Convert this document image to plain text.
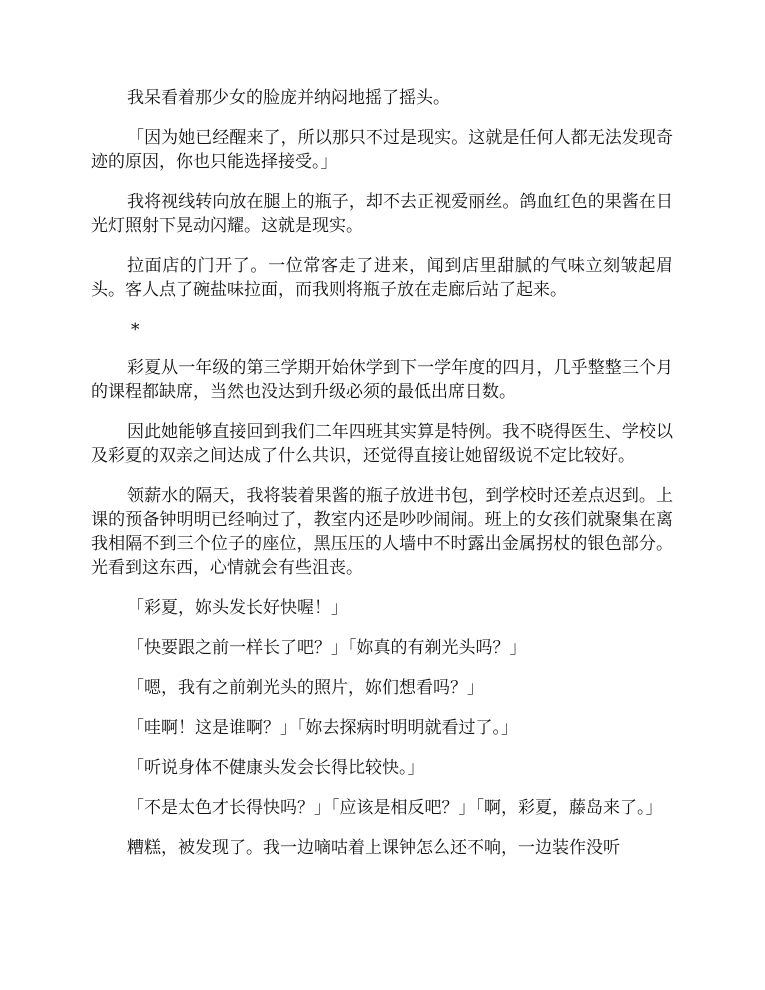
我呆看着那少女的脸庞并纳闷地摇了摇头。

「因为她已经醒来了，所以那只不过是现实。这就是任何人都无法发现奇迹的原因，你也只能选择接受。」

我将视线转向放在腿上的瓶子，却不去正视爱丽丝。鸽血红色的果酱在日光灯照射下晃动闪耀。这就是现实。

拉面店的门开了。一位常客走了进来，闻到店里甜腻的气味立刻皱起眉头。客人点了碗盐味拉面，而我则将瓶子放在走廊后站了起来。

*

彩夏从一年级的第三学期开始休学到下一学年度的四月，几乎整整三个月的课程都缺席，当然也没达到升级必须的最低出席日数。

因此她能够直接回到我们二年四班其实算是特例。我不晓得医生、学校以及彩夏的双亲之间达成了什么共识，还觉得直接让她留级说不定比较好。

领薪水的隔天，我将装着果酱的瓶子放进书包，到学校时还差点迟到。上课的预备钟明明已经响过了，教室内还是吵吵闹闹。班上的女孩们就聚集在离我相隔不到三个位子的座位，黑压压的人墙中不时露出金属拐杖的银色部分。光看到这东西，心情就会有些沮丧。

「彩夏，妳头发长好快喔！」

「快要跟之前一样长了吧？」「妳真的有剃光头吗？」

「嗯，我有之前剃光头的照片，妳们想看吗？」

「哇啊！这是谁啊？」「妳去探病时明明就看过了。」

「听说身体不健康头发会长得比较快。」

「不是太色才长得快吗？」「应该是相反吧？」「啊，彩夏，藤岛来了。」

糟糕，被发现了。我一边嘀咕着上课钟怎么还不响，一边装作没听
